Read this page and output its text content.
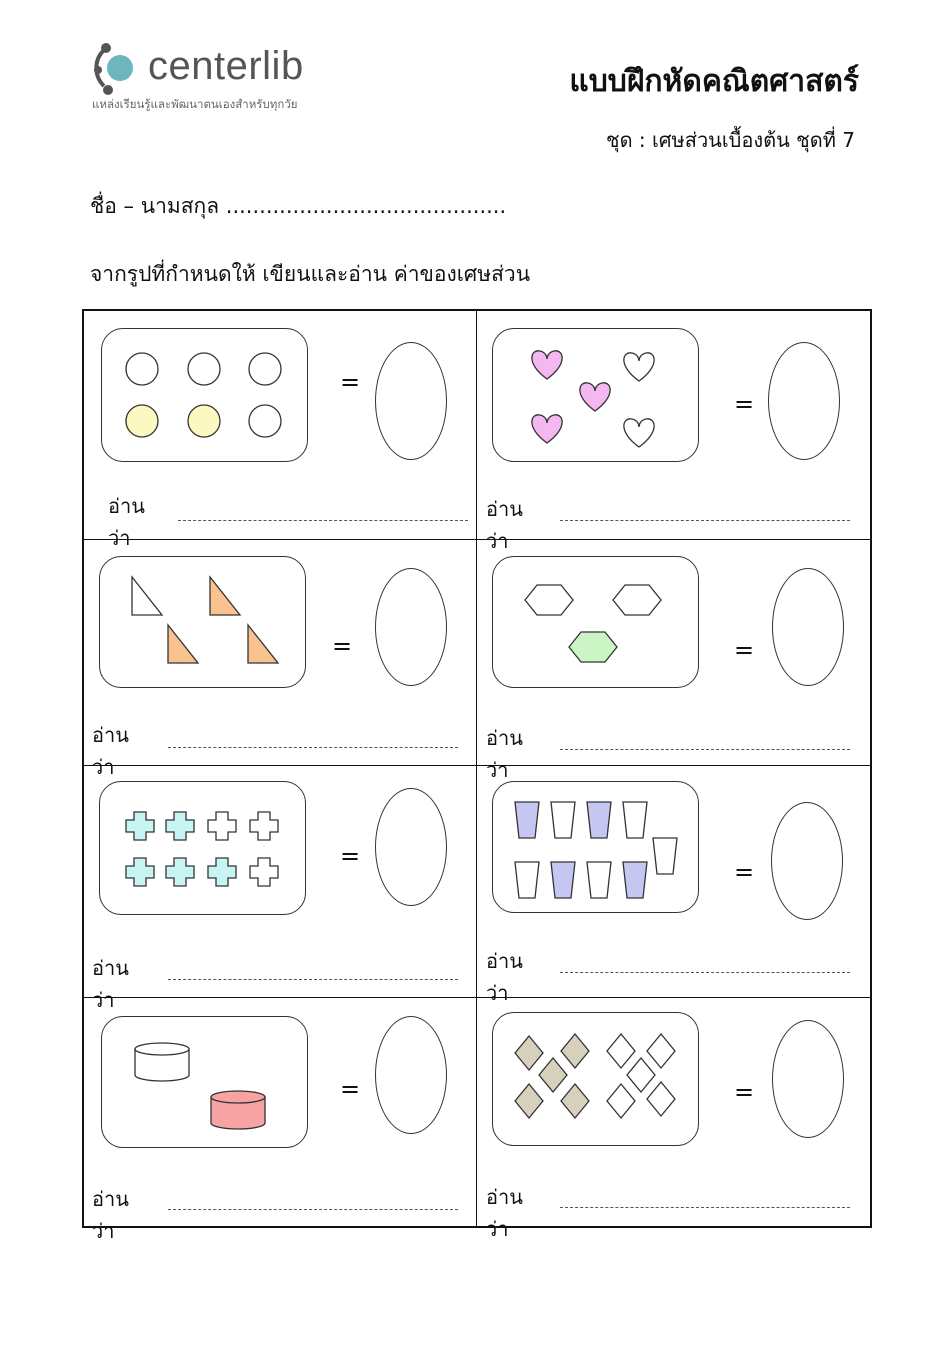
centerlib
แหล่งเรียนรู้และพัฒนาตนเองสำหรับทุกวัย
แบบฝึกหัดคณิตศาสตร์
ชุด : เศษส่วนเบื้องต้น ชุดที่ 7
ชื่อ – นามสกุล ..........................................
จากรูปที่กำหนดให้ เขียนและอ่าน ค่าของเศษส่วน
=
อ่านว่า
=
อ่านว่า
=
อ่านว่า
=
อ่านว่า
=
อ่านว่า
=
อ่านว่า
=
อ่านว่า
=
อ่านว่า
